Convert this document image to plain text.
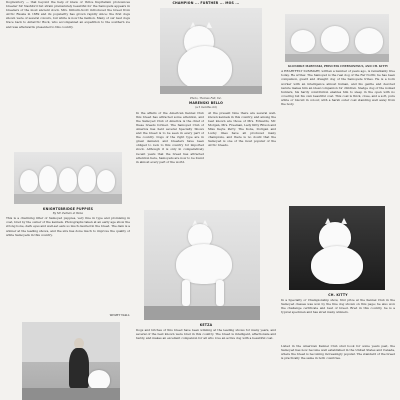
Dogmontory — that beyond the help of knew or thrice Kuprialism pronounces breeder Sir Nashford but strain prematurely beautiful for the Samoyeds appears in breeders of the most ancient stock. Mrs. Kilburn-Scott introduced the breed from Arctic Russia in 1889 and its popularity has grown rapidly since; the first dogs shown were of several colours, but white is now the fashion. Many of our best dogs trace back to Antarctic Buck, who accompanied an expedition to the southern ice and was afterwards presented to this country.

KNIGHTSBRIDGE PUPPIES

By Mr. Pedlam at Wake

This is a charming litter of Samoyed puppies, very fine in type and promising in coat, bred by the owner of the kennels. Photographs taken at an early age show the strong bone, dark eyes and well-set ears so much desired in the breed. The dam is a winner at the leading shows, and the sire has done much to improve the quality of white Samoyeds in this country.

WIGHT WALL

CHAMPION ... FURTHER ... MOS ...

Photo, Thomas Fall, Inc.

MARENSKI BELLO

(a 5 months old)

In the affairs of the American Kennel Club this breed has attracted some attention, and the Samoyed Club of America is the chief of these breeds formed. The Samoyed Club of America has held several Specialty Shows and the breed is to be seen in every part of the country. Dogs of the right type are in great demand, and breeders have been obliged to look to this country for imported stock. Although it is only in comparatively recent years that the breed has attracted attention here, Samoyeds are now to be found in almost every part of the world.

At the present time there are several well-known kennels in this country, and among the best known are those of Mrs. Edwards, Mr. Morgan, Mrs. Freeman, Lady Kitty Ritson and Miss Keyte Perry. The Kobe, Dorigan and Lucky lines have all produced many champions, and there is no doubt that the Samoyed is one of the most popular of the Arctic breeds.

KETZA

Dogs and bitches of this breed have been winning at the leading shows for many years, and several of the best known were bred in this country. The breed is intelligent, affectionate and hardy, and makes an excellent companion for all who love an active dog with a beautiful coat.

KLONDIKE MARENSKI, PRINCESS CHERSONESUS, AND CH. KITTY

A HEARTFELT SUMMARY, written a number of years ago, is remarkably true today. He writes: The Samoyed is the real dog of the Far North; he has been companion, guard and draught dog of the Samoyede tribes. He is a born worker with an intelligence almost human, and his gentle and devoted nature makes him an ideal companion for children. Sledge dog of the nomad hunters, his hardy constitution enables him to sleep in the open with no covering but his own beautiful coat. This coat is thick, close, and a soft, pure white or biscuit in colour, with a harsh outer coat standing well away from the body.

CH. KITTY

In a Specialty or Championship show, first prize at the Kennel Club in the Samoyed classes was won by the fine dog shown on this page; he also won the challenge certificate and best of breed. Bred in this country, he is a typical specimen and has sired many winners.

Listed in the American Kennel Club stud book for some years past, the Samoyed has now become well established in the United States and Canada, where the breed is becoming increasingly popular. The standard of the breed is practically the same in both countries.
